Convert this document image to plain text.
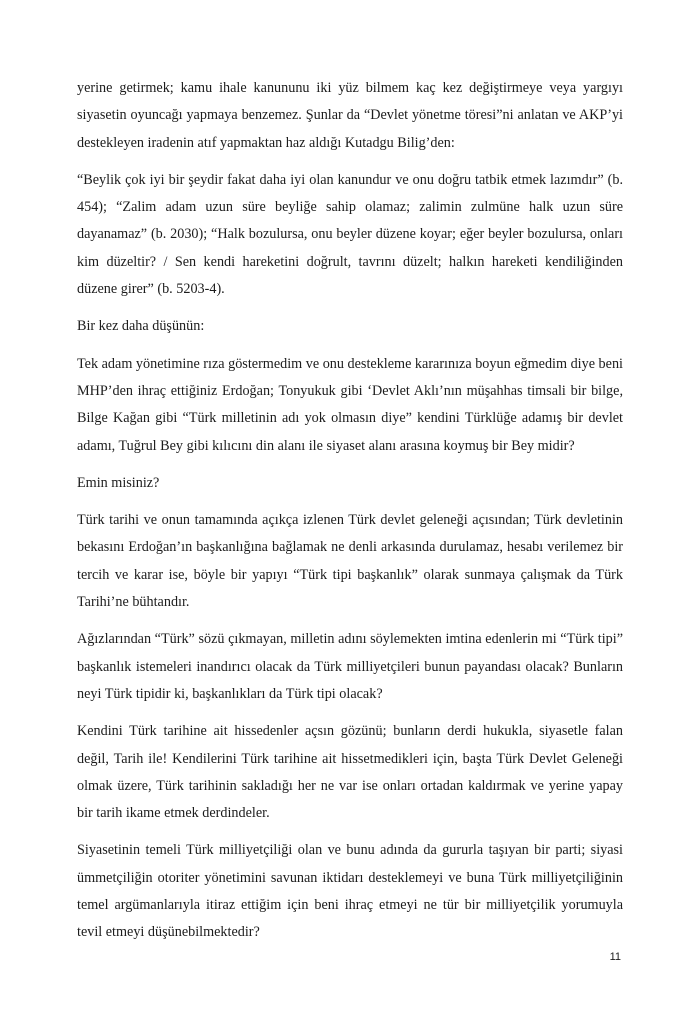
yerine getirmek; kamu ihale kanununu iki yüz bilmem kaç kez değiştirmeye veya yargıyı siyasetin oyuncağı yapmaya benzemez. Şunlar da “Devlet yönetme töresi”ni anlatan ve AKP’yi destekleyen iradenin atıf yapmaktan haz aldığı Kutadgu Bilig’den:

“Beylik çok iyi bir şeydir fakat daha iyi olan kanundur ve onu doğru tatbik etmek lazımdır” (b. 454); “Zalim adam uzun süre beyliğe sahip olamaz; zalimin zulmüne halk uzun süre dayanamaz” (b. 2030); “Halk bozulursa, onu beyler düzene koyar; eğer beyler bozulursa, onları kim düzeltir? / Sen kendi hareketini doğrult, tavrını düzelt; halkın hareketi kendiliğinden düzene girer” (b. 5203-4).

Bir kez daha düşünün:

Tek adam yönetimine rıza göstermedim ve onu destekleme kararınıza boyun eğmedim diye beni MHP’den ihraç ettiğiniz Erdoğan; Tonyukuk gibi ‘Devlet Aklı’nın müşahhas timsali bir bilge, Bilge Kağan gibi “Türk milletinin adı yok olmasın diye” kendini Türklüğe adamış bir devlet adamı, Tuğrul Bey gibi kılıcını din alanı ile siyaset alanı arasına koymuş bir Bey midir?

Emin misiniz?

Türk tarihi ve onun tamamında açıkça izlenen Türk devlet geleneği açısından; Türk devletinin bekasını Erdoğan’ın başkanlığına bağlamak ne denli arkasında durulamaz, hesabı verilemez bir tercih ve karar ise, böyle bir yapıyı “Türk tipi başkanlık” olarak sunmaya çalışmak da Türk Tarihi’ne bühtandır.

Ağızlarından “Türk” sözü çıkmayan, milletin adını söylemekten imtina edenlerin mi “Türk tipi” başkanlık istemeleri inandırıcı olacak da Türk milliyetçileri bunun payandası olacak? Bunların neyi Türk tipidir ki, başkanlıkları da Türk tipi olacak?

Kendini Türk tarihine ait hissedenler açsın gözünü; bunların derdi hukukla, siyasetle falan değil, Tarih ile! Kendilerini Türk tarihine ait hissetmedikleri için, başta Türk Devlet Geleneği olmak üzere, Türk tarihinin sakladığı her ne var ise onları ortadan kaldırmak ve yerine yapay bir tarih ikame etmek derdindeler.

Siyasetinin temeli Türk milliyetçiliği olan ve bunu adında da gururla taşıyan bir parti; siyasi ümmetçiliğin otoriter yönetimini savunan iktidarı desteklemeyi ve buna Türk milliyetçiliğinin temel argümanlarıyla itiraz ettiğim için beni ihraç etmeyi ne tür bir milliyetçilik yorumuyla tevil etmeyi düşünebilmektedir?

11
